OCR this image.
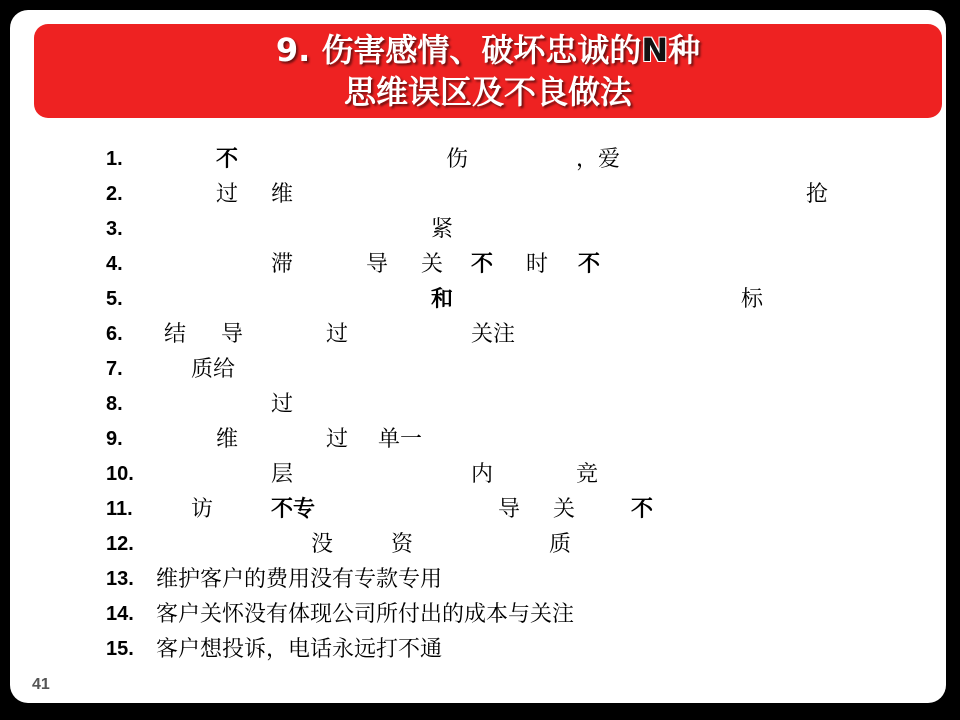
9. 伤害感情、破坏忠诚的N种
思维误区及不良做法
1.	不	伤	，爱
2.	过 维	抢
3.	紧
4.	滞	导 关 不 时 不
5.	和	标
6. 结 导	过	关注
7.	质给
8.	过
9.	维	过 单一
10.	层	内	竞
11.	访	不专	导 关	不
12.	没	资	质
13. 维护客户的费用没有专款专用
14. 客户关怀没有体现公司所付出的成本与关注
15. 客户想投诉，电话永远打不通
41
